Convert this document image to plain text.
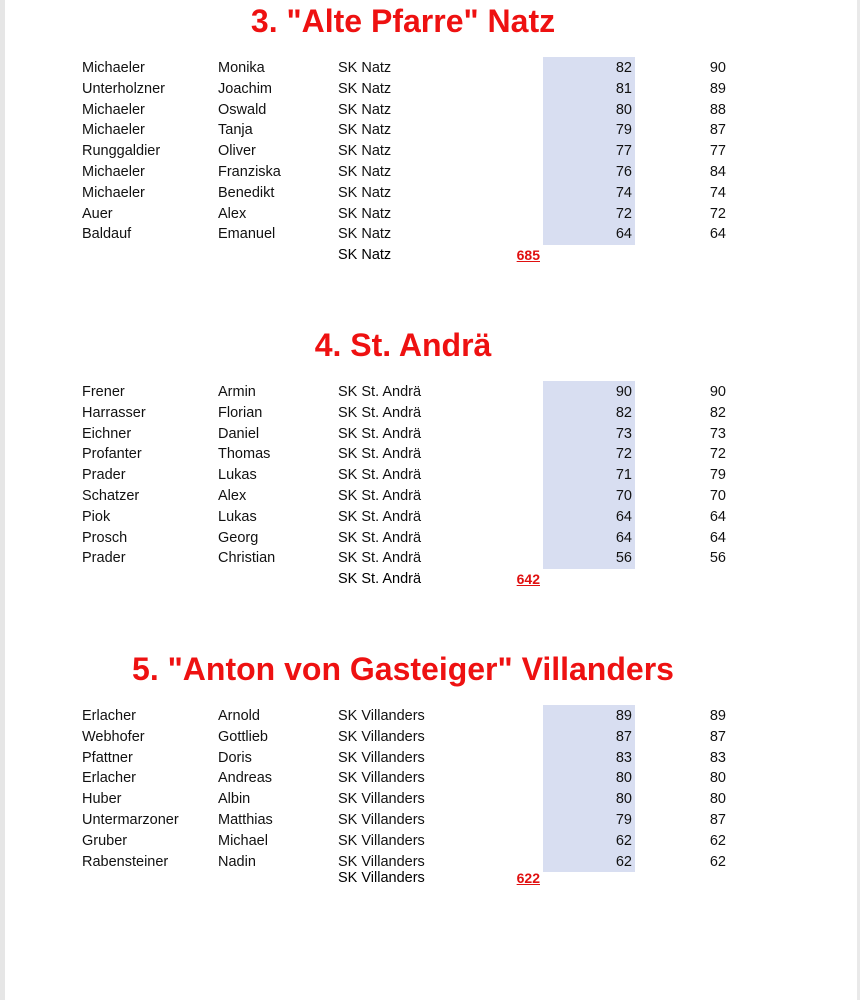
3. "Alte Pfarre" Natz
Michaeler	Monika	SK Natz	82	90
Unterholzner	Joachim	SK Natz	81	89
Michaeler	Oswald	SK Natz	80	88
Michaeler	Tanja	SK Natz	79	87
Runggaldier	Oliver	SK Natz	77	77
Michaeler	Franziska	SK Natz	76	84
Michaeler	Benedikt	SK Natz	74	74
Auer	Alex	SK Natz	72	72
Baldauf	Emanuel	SK Natz	64	64
SK Natz	685
4. St. Andrä
Frener	Armin	SK St. Andrä	90	90
Harrasser	Florian	SK St. Andrä	82	82
Eichner	Daniel	SK St. Andrä	73	73
Profanter	Thomas	SK St. Andrä	72	72
Prader	Lukas	SK St. Andrä	71	79
Schatzer	Alex	SK St. Andrä	70	70
Piok	Lukas	SK St. Andrä	64	64
Prosch	Georg	SK St. Andrä	64	64
Prader	Christian	SK St. Andrä	56	56
SK St. Andrä	642
5. "Anton von Gasteiger" Villanders
Erlacher	Arnold	SK Villanders	89	89
Webhofer	Gottlieb	SK Villanders	87	87
Pfattner	Doris	SK Villanders	83	83
Erlacher	Andreas	SK Villanders	80	80
Huber	Albin	SK Villanders	80	80
Untermarzoner	Matthias	SK Villanders	79	87
Gruber	Michael	SK Villanders	62	62
Rabensteiner	Nadin	SK Villanders	62	62
SK Villanders	622
